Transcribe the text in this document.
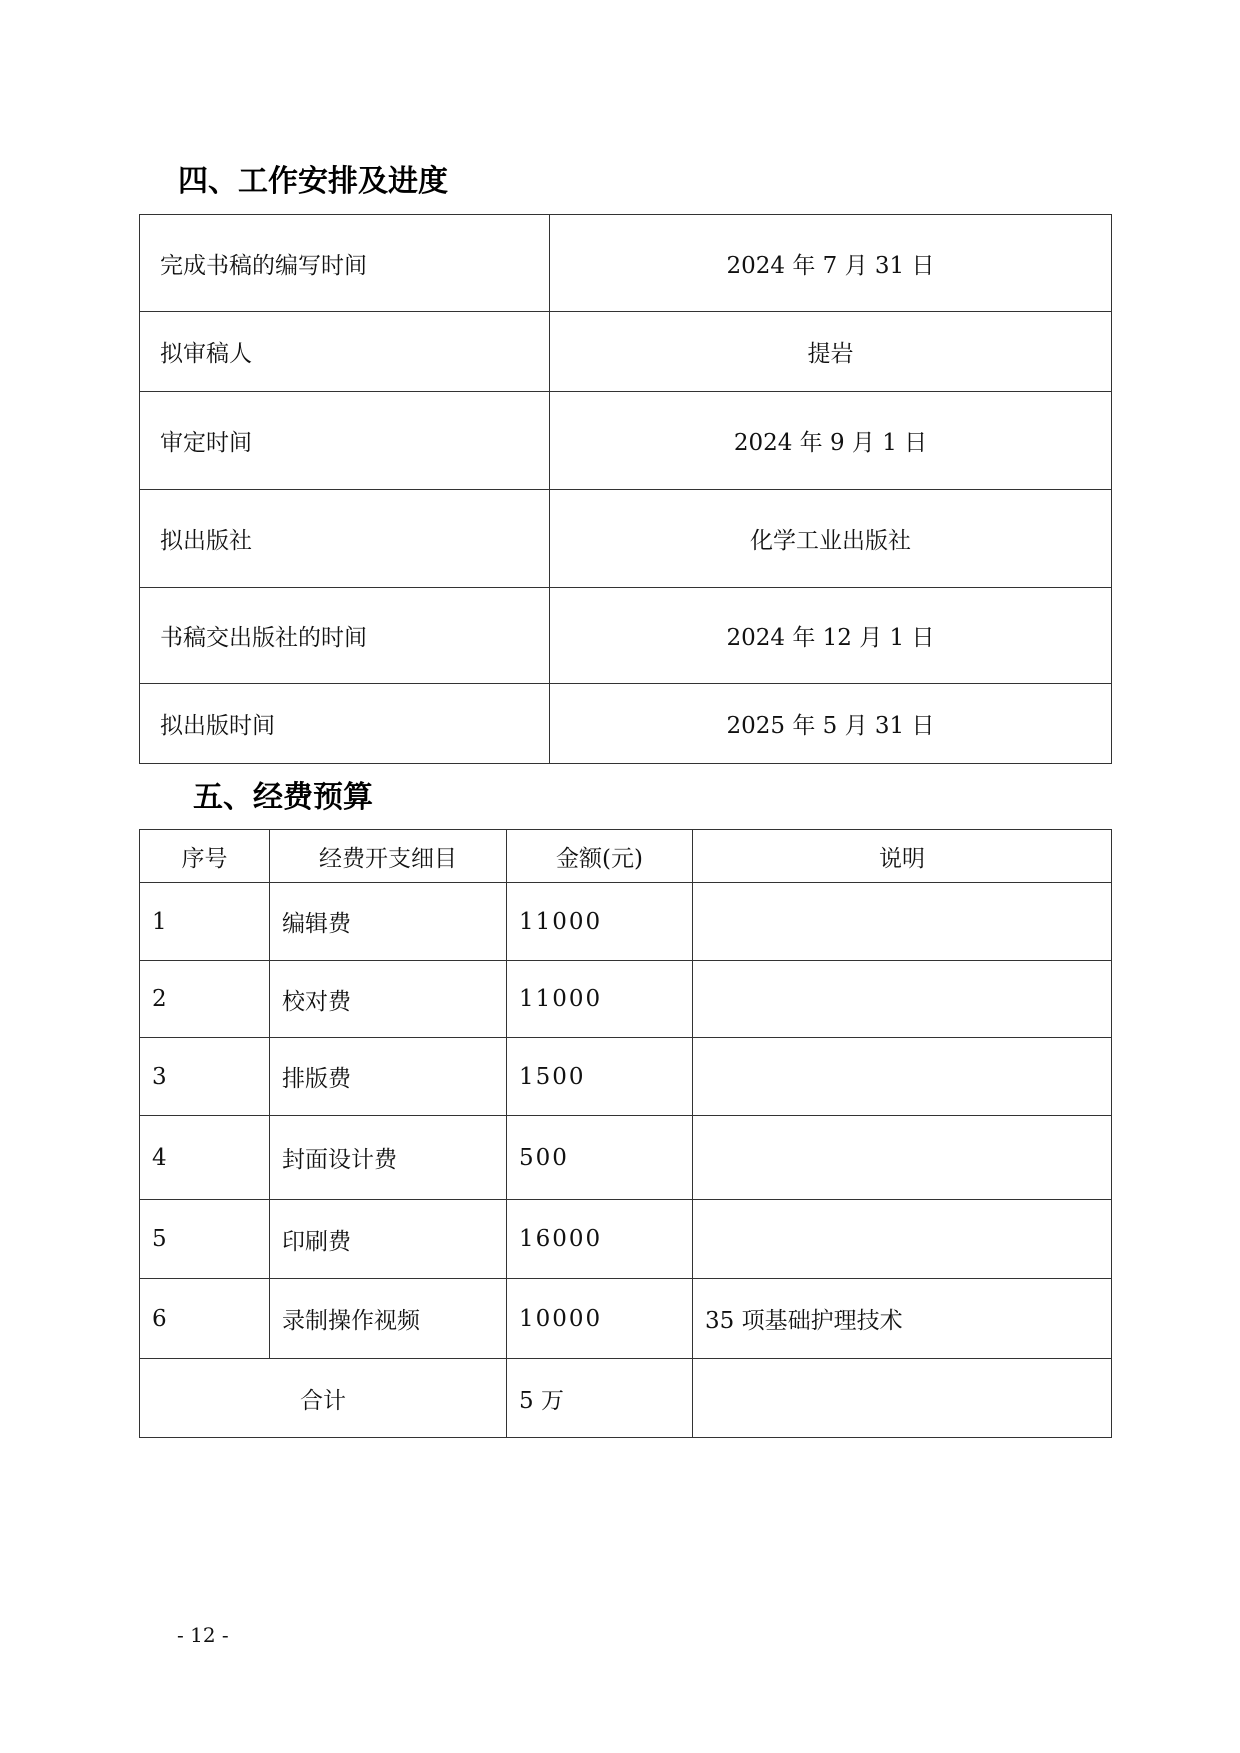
四、工作安排及进度
完成书稿的编写时间	2024 年 7 月 31 日
拟审稿人	提岩
审定时间	2024 年 9 月 1 日
拟出版社	化学工业出版社
书稿交出版社的时间	2024 年 12 月 1 日
拟出版时间	2025 年 5 月 31 日
五、经费预算
序号	经费开支细目	金额(元)	说明
1	编辑费	11000	
2	校对费	11000	
3	排版费	1500	
4	封面设计费	500	
5	印刷费	16000	
6	录制操作视频	10000	35 项基础护理技术
合计		5 万	
- 12 -
